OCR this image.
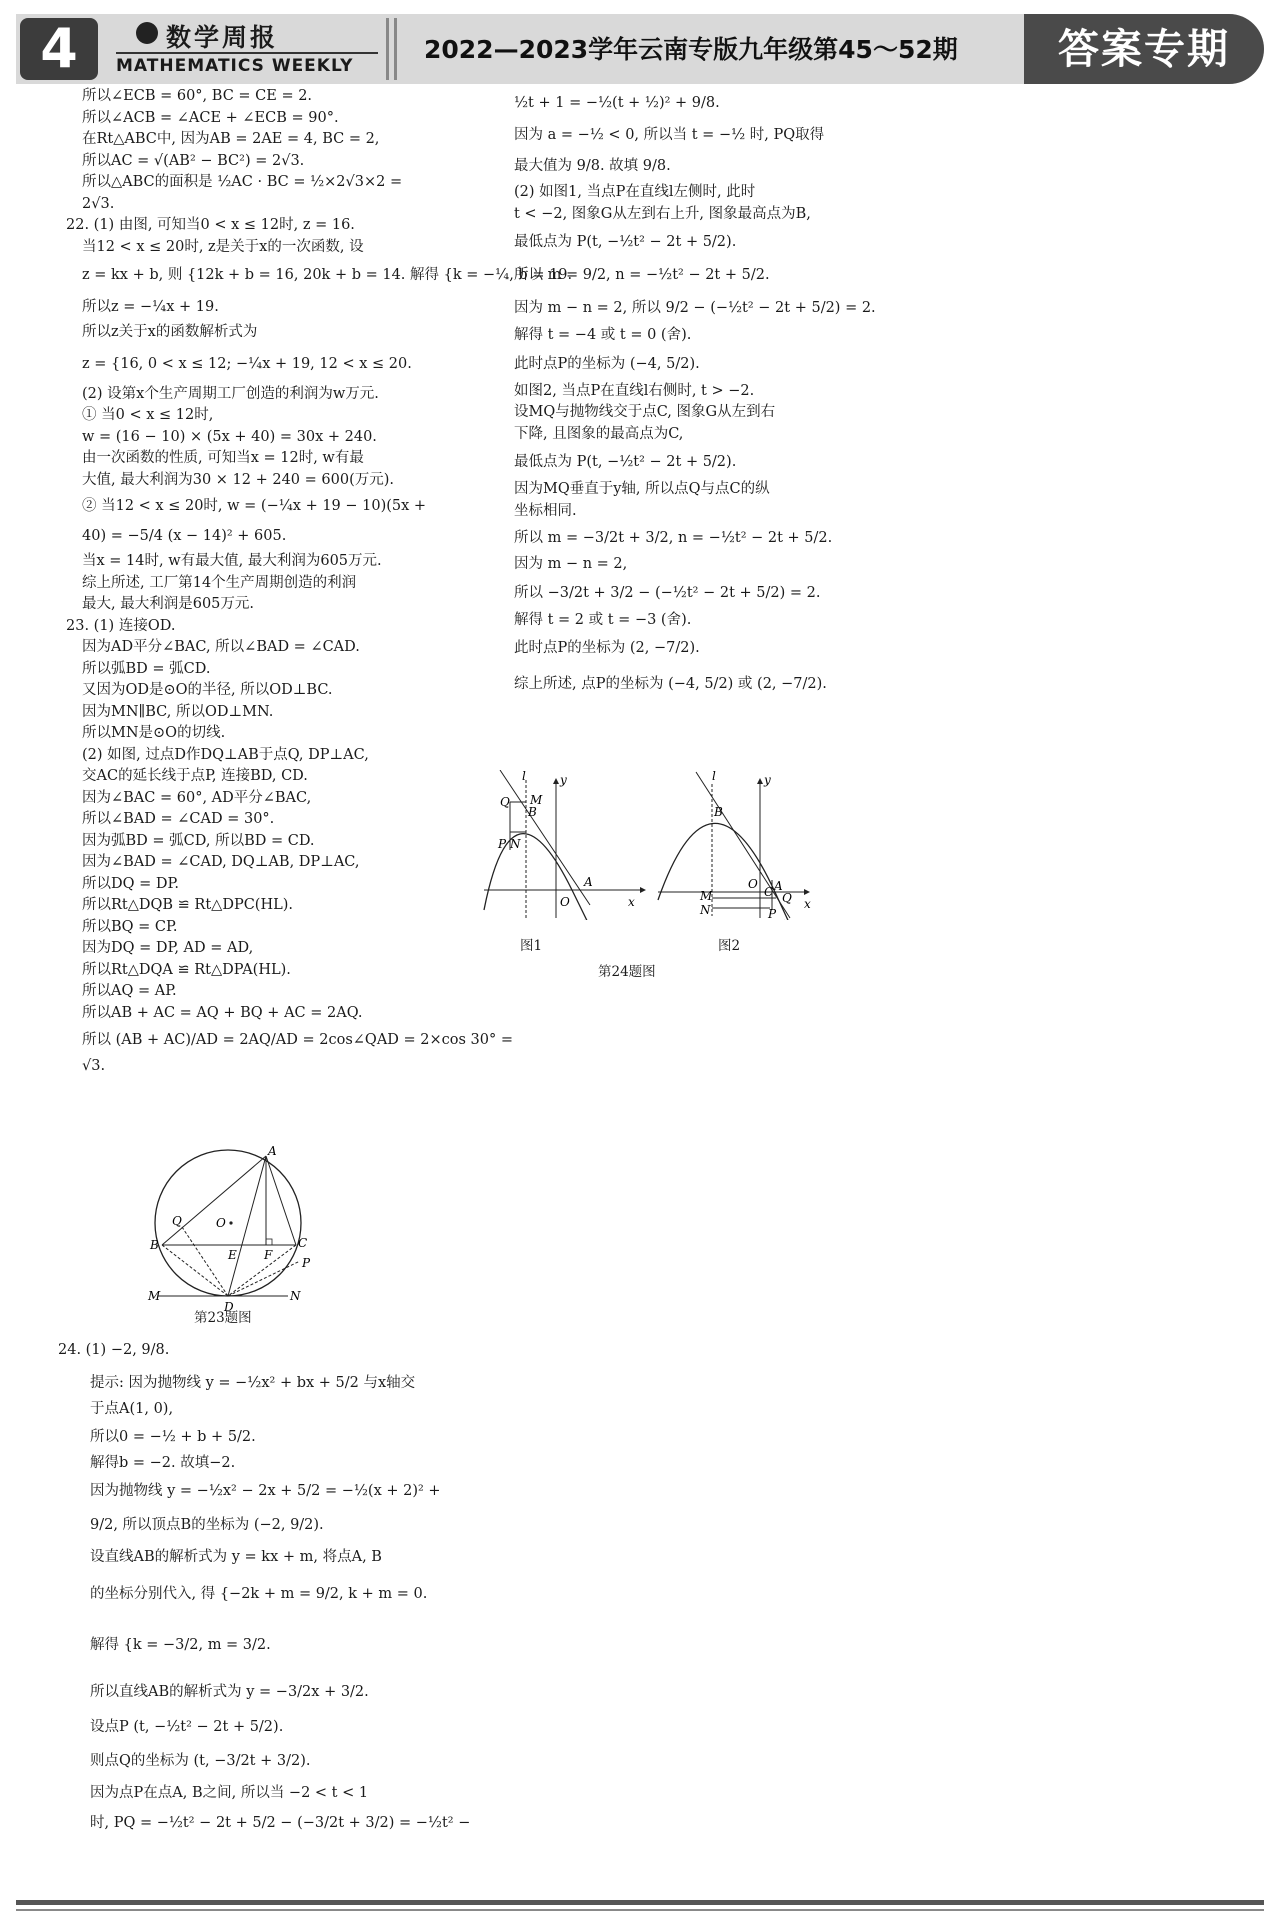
4	数学周报
MATHEMATICS WEEKLY
2022—2023学年云南专版九年级第45～52期	答案专期

所以∠ECB = 60°, BC = CE = 2.

所以∠ACB = ∠ACE + ∠ECB = 90°.

在Rt△ABC中, 因为AB = 2AE = 4, BC = 2,

所以AC = √(AB² − BC²) = 2√3.

所以△ABC的面积是 ½AC · BC = ½×2√3×2 =

2√3.

22. (1) 由图, 可知当0 < x ≤ 12时, z = 16.

当12 < x ≤ 20时, z是关于x的一次函数, 设

z = kx + b, 则 {12k + b = 16, 20k + b = 14. 解得 {k = −¼, b = 19.

所以z = −¼x + 19.

所以z关于x的函数解析式为

z = {16, 0 < x ≤ 12; −¼x + 19, 12 < x ≤ 20.

(2) 设第x个生产周期工厂创造的利润为w万元.

① 当0 < x ≤ 12时,

w = (16 − 10) × (5x + 40) = 30x + 240.

由一次函数的性质, 可知当x = 12时, w有最

大值, 最大利润为30 × 12 + 240 = 600(万元).

② 当12 < x ≤ 20时, w = (−¼x + 19 − 10)(5x +

40) = −5/4 (x − 14)² + 605.

当x = 14时, w有最大值, 最大利润为605万元.

综上所述, 工厂第14个生产周期创造的利润

最大, 最大利润是605万元.

23. (1) 连接OD.

因为AD平分∠BAC, 所以∠BAD = ∠CAD.

所以弧BD = 弧CD.

又因为OD是⊙O的半径, 所以OD⊥BC.

因为MN∥BC, 所以OD⊥MN.

所以MN是⊙O的切线.

(2) 如图, 过点D作DQ⊥AB于点Q, DP⊥AC,

交AC的延长线于点P, 连接BD, CD.

因为∠BAC = 60°, AD平分∠BAC,

所以∠BAD = ∠CAD = 30°.

因为弧BD = 弧CD, 所以BD = CD.

因为∠BAD = ∠CAD, DQ⊥AB, DP⊥AC,

所以DQ = DP.

所以Rt△DQB ≌ Rt△DPC(HL).

所以BQ = CP.

因为DQ = DP, AD = AD,

所以Rt△DQA ≌ Rt△DPA(HL).

所以AQ = AP.

所以AB + AC = AQ + BQ + AC = 2AQ.

所以 (AB + AC)/AD = 2AQ/AD = 2cos∠QAD = 2×cos 30° =

√3.

A
B	C
D
E F
O
Q
P
M	N
第23题图

24. (1) −2, 9/8.

提示: 因为抛物线 y = −½x² + bx + 5/2 与x轴交

于点A(1, 0),

所以0 = −½ + b + 5/2.

解得b = −2. 故填−2.

因为抛物线 y = −½x² − 2x + 5/2 = −½(x + 2)² +

9/2, 所以顶点B的坐标为 (−2, 9/2).

设直线AB的解析式为 y = kx + m, 将点A, B

的坐标分别代入, 得 {−2k + m = 9/2, k + m = 0.

解得 {k = −3/2, m = 3/2.

所以直线AB的解析式为 y = −3/2x + 3/2.

设点P (t, −½t² − 2t + 5/2).

则点Q的坐标为 (t, −3/2t + 3/2).

因为点P在点A, B之间, 所以当 −2 < t < 1

时, PQ = −½t² − 2t + 5/2 − (−3/2t + 3/2) = −½t² −

½t + 1 = −½(t + ½)² + 9/8.

因为 a = −½ < 0, 所以当 t = −½ 时, PQ取得

最大值为 9/8. 故填 9/8.

(2) 如图1, 当点P在直线l左侧时, 此时

t < −2, 图象G从左到右上升, 图象最高点为B,

最低点为 P(t, −½t² − 2t + 5/2).

所以 m = 9/2, n = −½t² − 2t + 5/2.

因为 m − n = 2, 所以 9/2 − (−½t² − 2t + 5/2) = 2.

解得 t = −4 或 t = 0 (舍).

此时点P的坐标为 (−4, 5/2).

如图2, 当点P在直线l右侧时, t > −2.

设MQ与抛物线交于点C, 图象G从左到右

下降, 且图象的最高点为C,

最低点为 P(t, −½t² − 2t + 5/2).

因为MQ垂直于y轴, 所以点Q与点C的纵

坐标相同.

所以 m = −3/2t + 3/2, n = −½t² − 2t + 5/2.

因为 m − n = 2,

所以 −3/2t + 3/2 − (−½t² − 2t + 5/2) = 2.

解得 t = 2 或 t = −3 (舍).

此时点P的坐标为 (2, −7/2).

综上所述, 点P的坐标为 (−4, 5/2) 或 (2, −7/2).

l	y
x
O
A
B
M
Q
P N
图1
l	y
x
B
O
C A
Q
M
N	P
图2
第24题图
